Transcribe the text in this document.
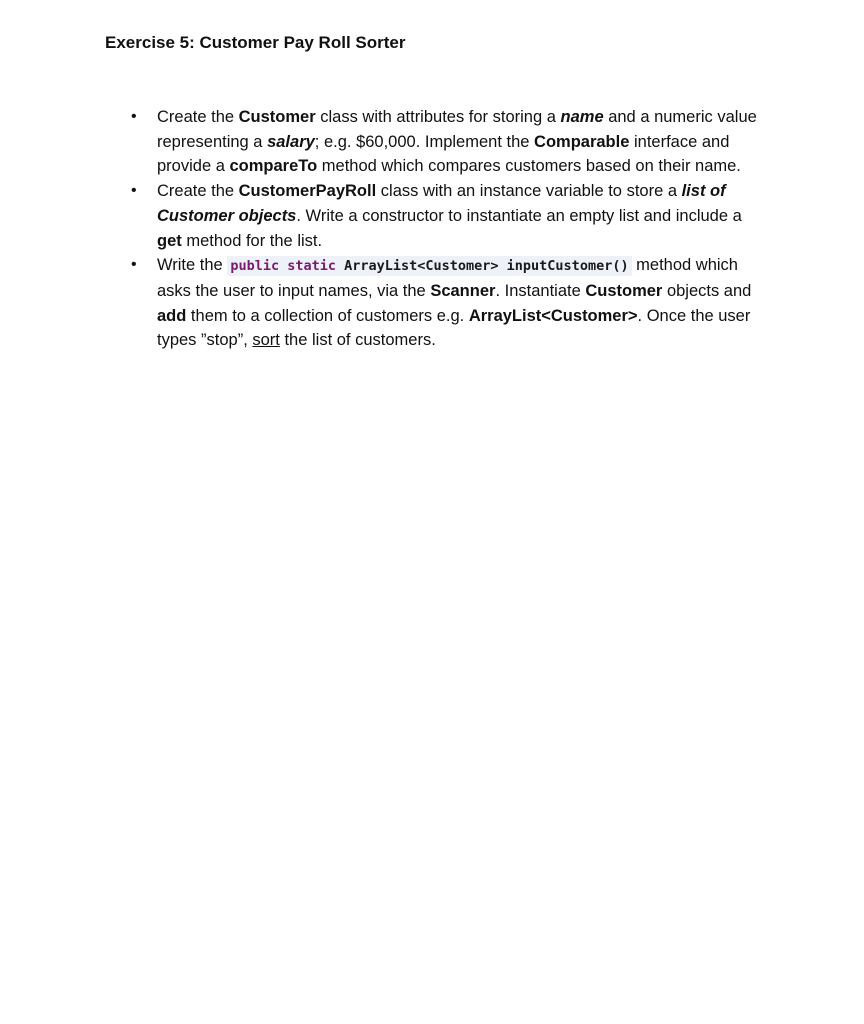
Exercise 5: Customer Pay Roll Sorter
• Create the Customer class with attributes for storing a name and a numeric value representing a salary; e.g. $60,000. Implement the Comparable interface and provide a compareTo method which compares customers based on their name.
• Create the CustomerPayRoll class with an instance variable to store a list of Customer objects. Write a constructor to instantiate an empty list and include a get method for the list.
• Write the public static ArrayList<Customer> inputCustomer() method which asks the user to input names, via the Scanner. Instantiate Customer objects and add them to a collection of customers e.g. ArrayList<Customer>. Once the user types ”stop”, sort the list of customers.
